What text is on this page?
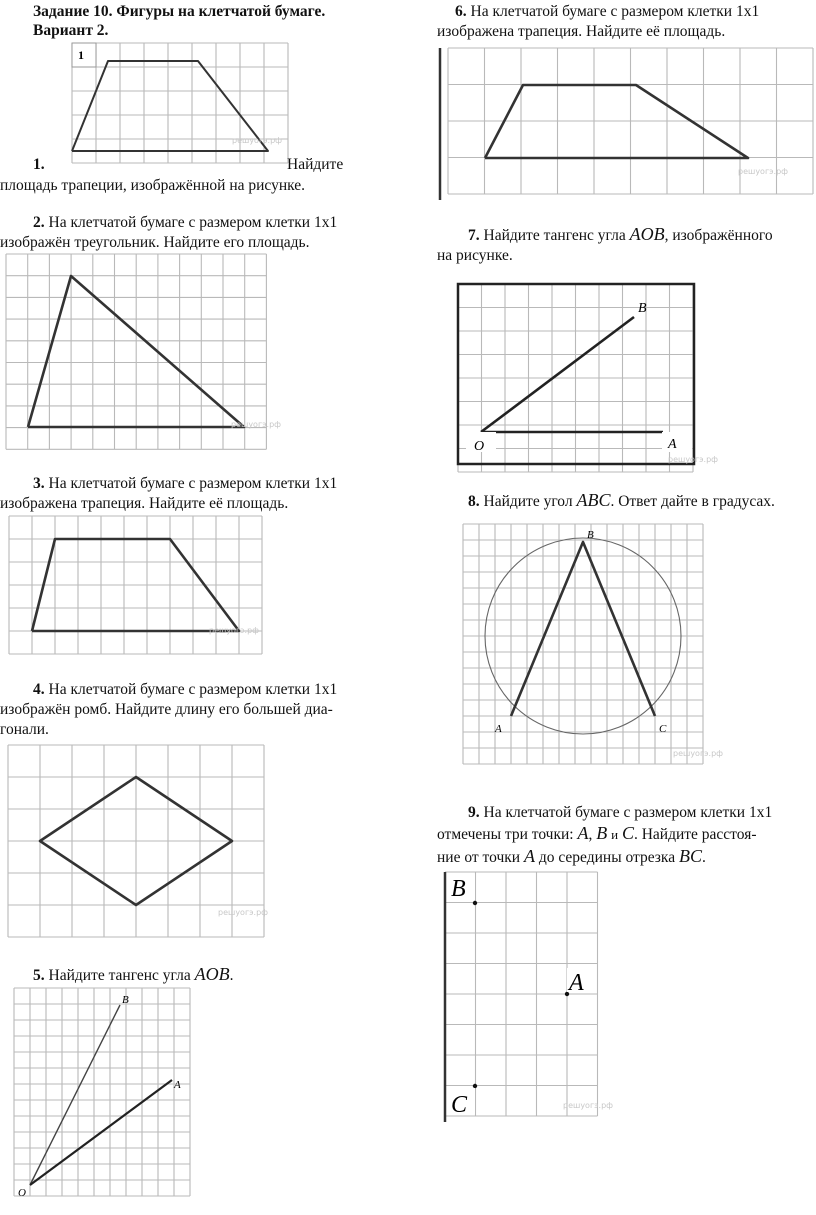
Задание 10. Фигуры на клетчатой бумаге.
Вариант 2.
1
решуогэ.рф
1.	Найдите
площадь трапеции, изображённой на рисунке.
2. На клетчатой бумаге с размером клетки 1x1
изображён треугольник. Найдите его площадь.
решуогэ.рф
3. На клетчатой бумаге с размером клетки 1x1
изображена трапеция. Найдите её площадь.
решуогэ.рф
4. На клетчатой бумаге с размером клетки 1x1
изображён ромб. Найдите длину его большей диа-
гонали.
решуогэ.рф
5. Найдите тангенс угла AOB.
O
A
B
6. На клетчатой бумаге с размером клетки 1x1
изображена трапеция. Найдите её площадь.
решуогэ.рф
7. Найдите тангенс угла AOB, изображённого
на рисунке.
O	A
B
решуогэ.рф
8. Найдите угол ABC. Ответ дайте в градусах.
A
B
C
решуогэ.рф
9. На клетчатой бумаге с размером клетки 1x1
отмечены три точки: A, B и C. Найдите расстоя-
ние от точки A до середины отрезка BC.
B
A
C	решуогэ.рф
